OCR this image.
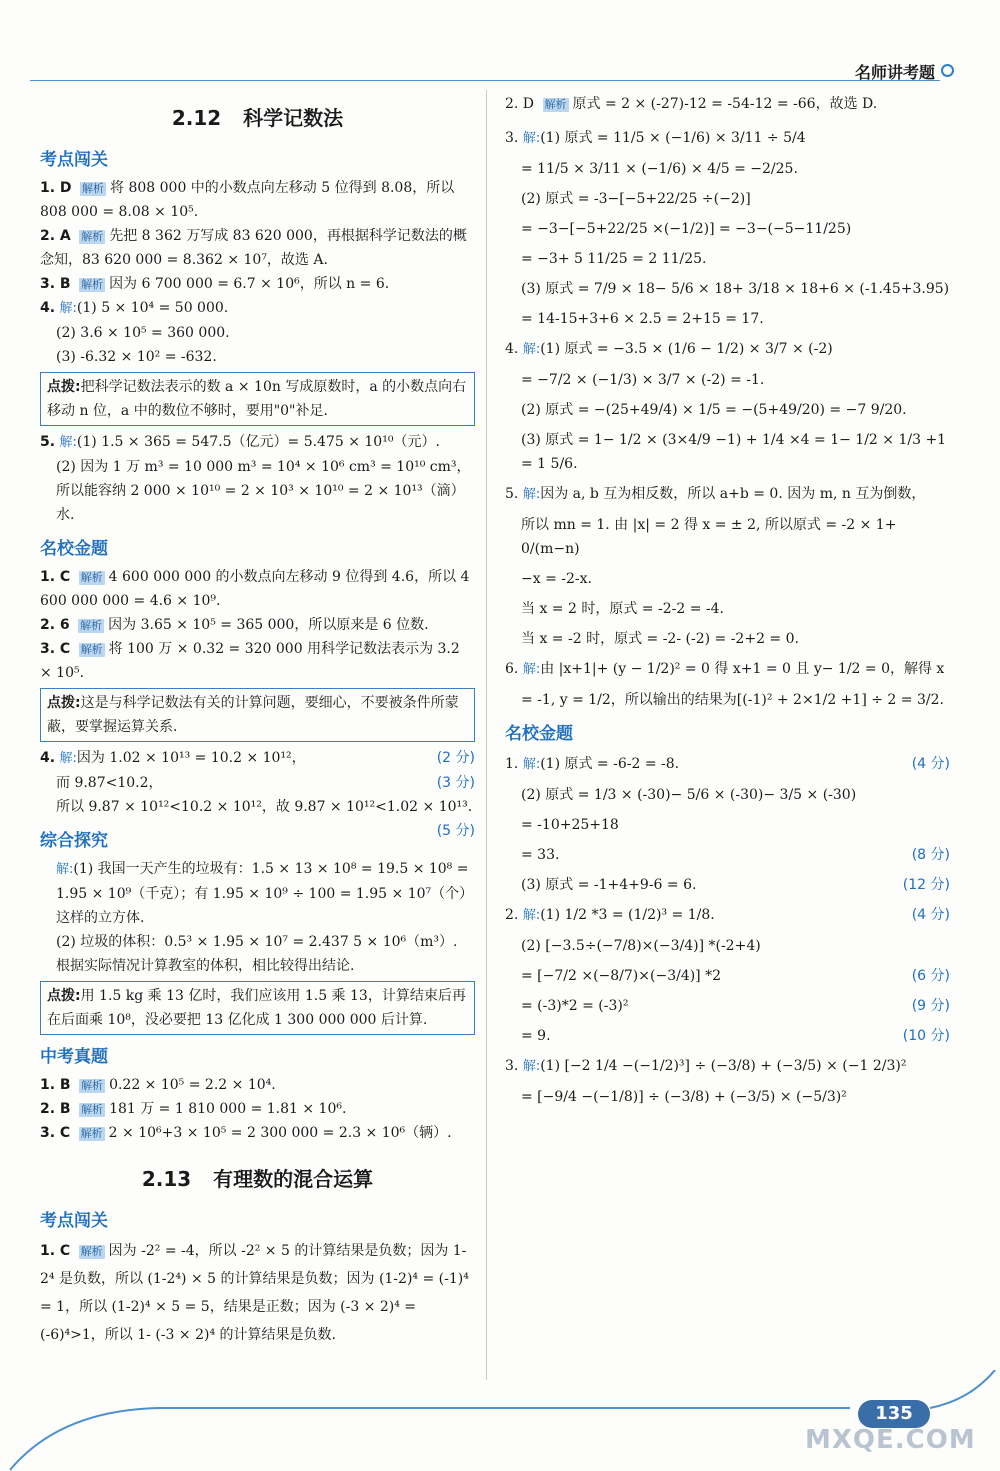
名师讲考题
2.12 科学记数法
考点闯关

1. D 解析 将 808 000 中的小数点向左移动 5 位得到 8.08，所以 808 000 = 8.08 × 10⁵.

2. A 解析 先把 8 362 万写成 83 620 000，再根据科学记数法的概念知，83 620 000 = 8.362 × 10⁷，故选 A.

3. B 解析 因为 6 700 000 = 6.7 × 10⁶，所以 n = 6.

4. 解:(1) 5 × 10⁴ = 50 000.

(2) 3.6 × 10⁵ = 360 000.

(3) -6.32 × 10² = -632.

点拨:把科学记数法表示的数 a × 10n 写成原数时，a 的小数点向右移动 n 位，a 中的数位不够时，要用"0"补足.

5. 解:(1) 1.5 × 365 = 547.5（亿元）= 5.475 × 10¹⁰（元）.

(2) 因为 1 万 m³ = 10 000 m³ = 10⁴ × 10⁶ cm³ = 10¹⁰ cm³，所以能容纳 2 000 × 10¹⁰ = 2 × 10³ × 10¹⁰ = 2 × 10¹³（滴）水.

名校金题

1. C 解析 4 600 000 000 的小数点向左移动 9 位得到 4.6，所以 4 600 000 000 = 4.6 × 10⁹.

2. 6 解析 因为 3.65 × 10⁵ = 365 000，所以原来是 6 位数.

3. C 解析 将 100 万 × 0.32 = 320 000 用科学记数法表示为 3.2 × 10⁵.

点拨:这是与科学记数法有关的计算问题，要细心，不要被条件所蒙蔽，要掌握运算关系.

4. 解:因为 1.02 × 10¹³ = 10.2 × 10¹²，	(2 分)

而 9.87<10.2，	(3 分)

所以 9.87 × 10¹²<10.2 × 10¹²，故 9.87 × 10¹²<1.02 × 10¹³.
(5 分)

综合探究

解:(1) 我国一天产生的垃圾有：1.5 × 13 × 10⁸ = 19.5 × 10⁸ = 1.95 × 10⁹（千克）；有 1.95 × 10⁹ ÷ 100 = 1.95 × 10⁷（个）这样的立方体.

(2) 垃圾的体积：0.5³ × 1.95 × 10⁷ = 2.437 5 × 10⁶（m³）. 根据实际情况计算教室的体积，相比较得出结论.

点拨:用 1.5 kg 乘 13 亿时，我们应该用 1.5 乘 13，计算结束后再在后面乘 10⁸，没必要把 13 亿化成 1 300 000 000 后计算.
中考真题

1. B 解析 0.22 × 10⁵ = 2.2 × 10⁴.

2. B 解析 181 万 = 1 810 000 = 1.81 × 10⁶.

3. C 解析 2 × 10⁶+3 × 10⁵ = 2 300 000 = 2.3 × 10⁶（辆）.

2.13 有理数的混合运算
考点闯关

1. C 解析 因为 -2² = -4，所以 -2² × 5 的计算结果是负数；因为 1-2⁴ 是负数，所以 (1-2⁴) × 5 的计算结果是负数；因为 (1-2)⁴ = (-1)⁴ = 1，所以 (1-2)⁴ × 5 = 5，结果是正数；因为 (-3 × 2)⁴ = (-6)⁴>1，所以 1- (-3 × 2)⁴ 的计算结果是负数.

2. D 解析 原式 = 2 × (-27)-12 = -54-12 = -66，故选 D.

3. 解:(1) 原式 = 11/5 × (−1/6) × 3/11 ÷ 5/4

= 11/5 × 3/11 × (−1/6) × 4/5 = −2/25.

(2) 原式 = -3−[−5+22/25 ÷(−2)]

= −3−[−5+22/25 ×(−1/2)] = −3−(−5−11/25)

= −3+ 5 11/25 = 2 11/25.

(3) 原式 = 7/9 × 18− 5/6 × 18+ 3/18 × 18+6 × (-1.45+3.95)

= 14-15+3+6 × 2.5 = 2+15 = 17.

4. 解:(1) 原式 = −3.5 × (1/6 − 1/2) × 3/7 × (-2)

= −7/2 × (−1/3) × 3/7 × (-2) = -1.

(2) 原式 = −(25+49/4) × 1/5 = −(5+49/20) = −7 9/20.

(3) 原式 = 1− 1/2 × (3×4/9 −1) + 1/4 ×4 = 1− 1/2 × 1/3 +1 = 1 5/6.

5. 解:因为 a, b 互为相反数，所以 a+b = 0. 因为 m, n 互为倒数，

所以 mn = 1. 由 |x| = 2 得 x = ± 2, 所以原式 = -2 × 1+ 0/(m−n)

−x = -2-x.

当 x = 2 时，原式 = -2-2 = -4.

当 x = -2 时，原式 = -2- (-2) = -2+2 = 0.

6. 解:由 |x+1|+ (y − 1/2)² = 0 得 x+1 = 0 且 y− 1/2 = 0，解得 x

= -1, y = 1/2，所以输出的结果为[(-1)² + 2×1/2 +1] ÷ 2 = 3/2.

名校金题

1. 解:(1) 原式 = -6-2 = -8.	(4 分)

(2) 原式 = 1/3 × (-30)− 5/6 × (-30)− 3/5 × (-30)

= -10+25+18

= 33.	(8 分)

(3) 原式 = -1+4+9-6 = 6.	(12 分)

2. 解:(1) 1/2 *3 = (1/2)³ = 1/8.	(4 分)

(2) [−3.5÷(−7/8)×(−3/4)] *(-2+4)

= [−7/2 ×(−8/7)×(−3/4)] *2	(6 分)

= (-3)*2 = (-3)²	(9 分)

= 9.	(10 分)

3. 解:(1) [−2 1/4 −(−1/2)³] ÷ (−3/8) + (−3/5) × (−1 2/3)²

= [−9/4 −(−1/8)] ÷ (−3/8) + (−3/5) × (−5/3)²

135
MXQE.COM
